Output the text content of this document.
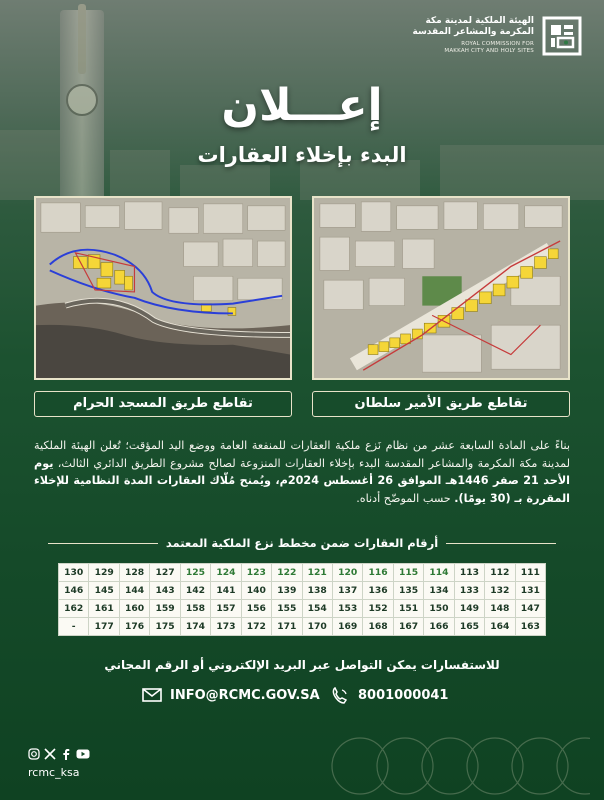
الهيئة الملكية لمدينة مكة
المكرمة والمشاعر المقدسة
ROYAL COMMISSION FOR
MAKKAH CITY AND HOLY SITES
إعـــلان
البدء بإخلاء العقارات
تقاطع طريق المسجد الحرام	تقاطع طريق الأمير سلطان
بناءً على المادة السابعة عشر من نظام نَزع ملكية العقارات للمنفعة العامة ووضع اليد المؤقت؛ تُعلن الهيئة الملكية لمدينة مكة المكرمة والمشاعر المقدسة البدء بإخلاء العقارات المنزوعة لصالح مشروع الطريق الدائري الثالث، يوم الأحد 21 صفر 1446هـ الموافق 26 أغسطس 2024م، ويُمنح مُلّاك العقارات المدة النظامية للإخلاء المقررة بـ (30 يومًا). حسب الموضّح أدناه.
أرقام العقارات ضمن مخطط نزع الملكية المعتمد
130	129	128	127	125	124	123	122	121	120	116	115	114	113	112	111
146	145	144	143	142	141	140	139	138	137	136	135	134	133	132	131
162	161	160	159	158	157	156	155	154	153	152	151	150	149	148	147
-	177	176	175	174	173	172	171	170	169	168	167	166	165	164	163
للاستفسارات يمكن التواصل عبر البريد الإلكتروني أو الرقم المجاني
INFO@RCMC.GOV.SA	8001000041
rcmc_ksa
